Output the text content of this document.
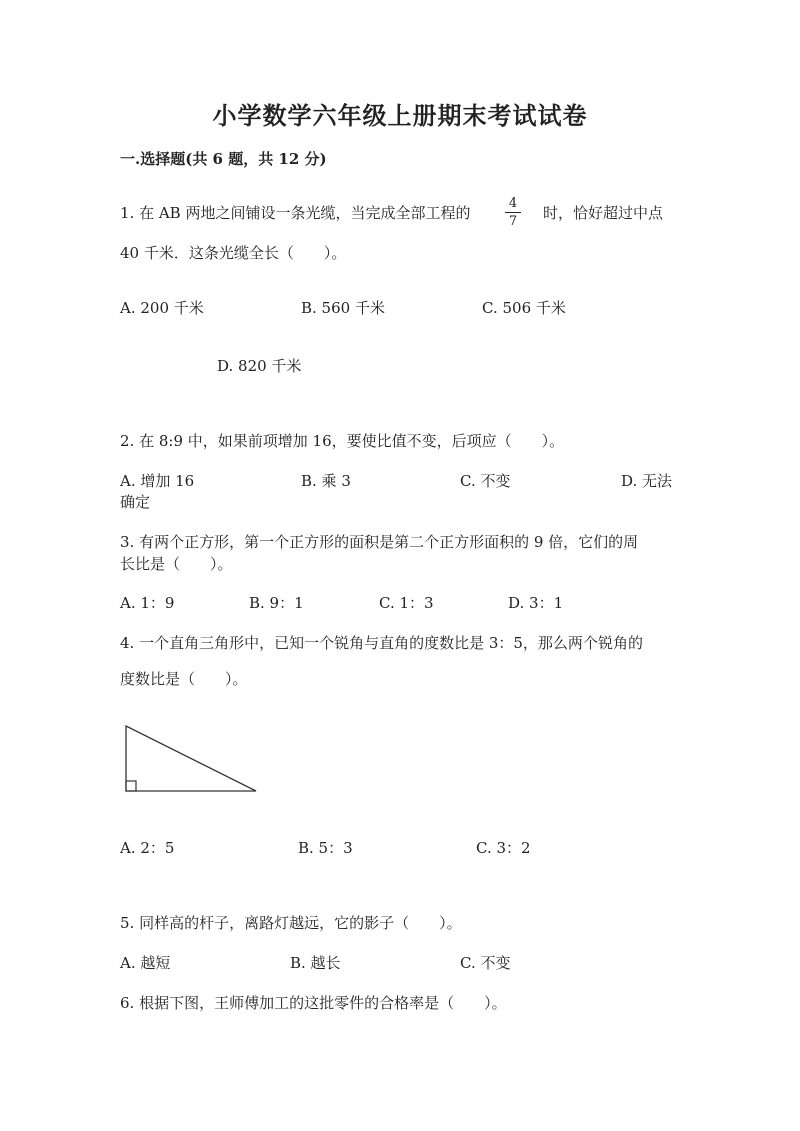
小学数学六年级上册期末考试试卷
一.选择题(共 6 题，共 12 分)
1. 在 AB 两地之间铺设一条光缆，当完成全部工程的
4
7 时，恰好超过中点
40 千米．这条光缆全长（　　）。
A. 200 千米	B. 560 千米	C. 506 千米
D. 820 千米
2. 在 8:9 中，如果前项增加 16，要使比值不变，后项应（　　）。
A. 增加 16	B. 乘 3	C. 不变	D. 无法
确定
3. 有两个正方形，第一个正方形的面积是第二个正方形面积的 9 倍，它们的周
长比是（　　）。
A. 1：9	B. 9：1	C. 1：3	D. 3：1
4. 一个直角三角形中，已知一个锐角与直角的度数比是 3：5，那么两个锐角的
度数比是（　　）。
A. 2：5	B. 5：3	C. 3：2
5. 同样高的杆子，离路灯越远，它的影子（　　）。
A. 越短	B. 越长	C. 不变
6. 根据下图，王师傅加工的这批零件的合格率是（　　）。
